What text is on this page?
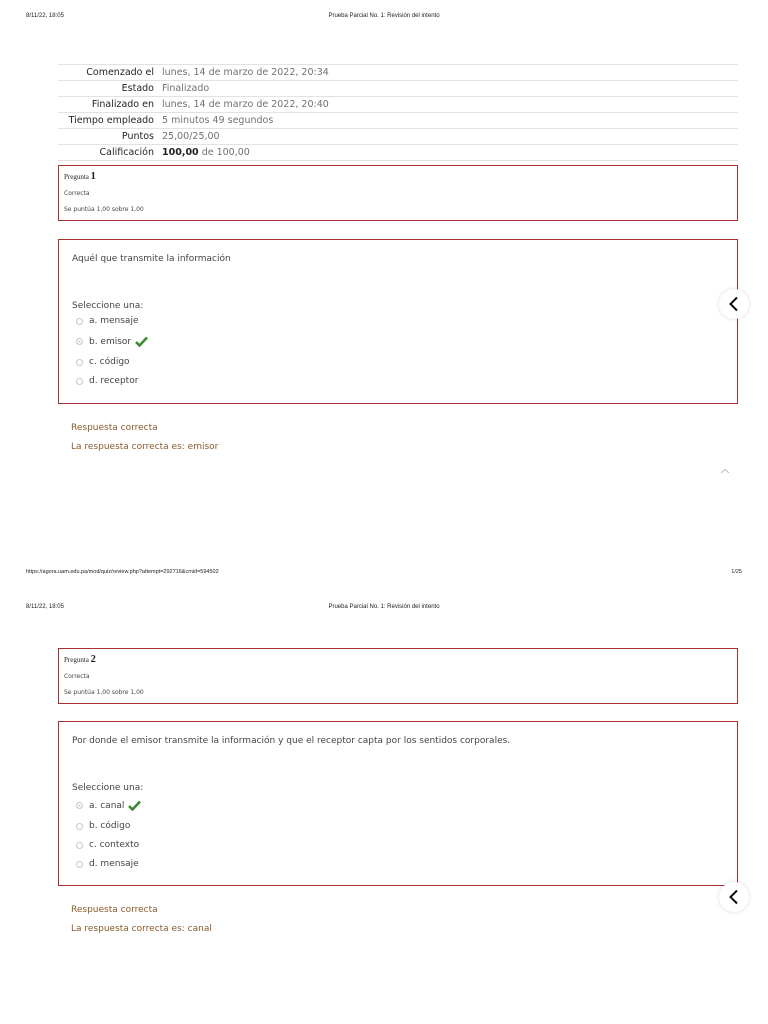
8/11/22, 18:05	Prueba Parcial No. 1: Revisión del intento
Comenzado el	lunes, 14 de marzo de 2022, 20:34
Estado	Finalizado
Finalizado en	lunes, 14 de marzo de 2022, 20:40
Tiempo empleado	5 minutos 49 segundos
Puntos	25,00/25,00
Calificación	100,00 de 100,00
Pregunta 1
Correcta
Se puntúa 1,00 sobre 1,00
Aquél que transmite la información
Seleccione una:
a. mensaje
b. emisor
c. código
d. receptor
Respuesta correcta
La respuesta correcta es: emisor
https://agora.uam.edu.pa/mod/quiz/review.php?attempt=292716&cmid=594502	1/25
8/11/22, 18:05	Prueba Parcial No. 1: Revisión del intento
Pregunta 2
Correcta
Se puntúa 1,00 sobre 1,00
Por donde el emisor transmite la información y que el receptor capta por los sentidos corporales.
Seleccione una:
a. canal
b. código
c. contexto
d. mensaje
Respuesta correcta
La respuesta correcta es: canal
